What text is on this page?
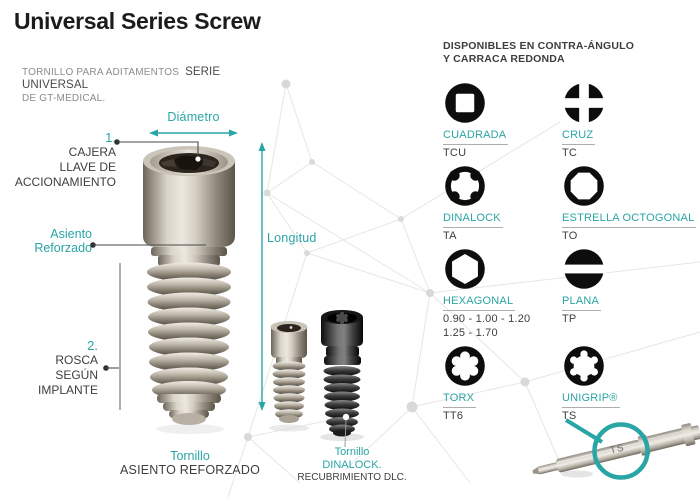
Universal Series Screw
TORNILLO PARA ADITAMENTOS SERIE UNIVERSAL
DE GT-MEDICAL.
1.
CAJERA
LLAVE DE
ACCIONAMIENTO
Asiento
Reforzado
2.
ROSCA
SEGÚN
IMPLANTE
Diámetro
Longitud
Tornillo
ASIENTO REFORZADO
Tornillo
DINALOCK.
RECUBRIMIENTO DLC.
DISPONIBLES EN CONTRA-ÁNGULO
Y CARRACA REDONDA
CUADRADA
TCU
CRUZ
TC
DINALOCK
TA
ESTRELLA OCTOGONAL
TO
HEXAGONAL
0.90 - 1.00 - 1.20
1.25 - 1.70
PLANA
TP
TORX
TT6
UNIGRIP®
TS
TS
